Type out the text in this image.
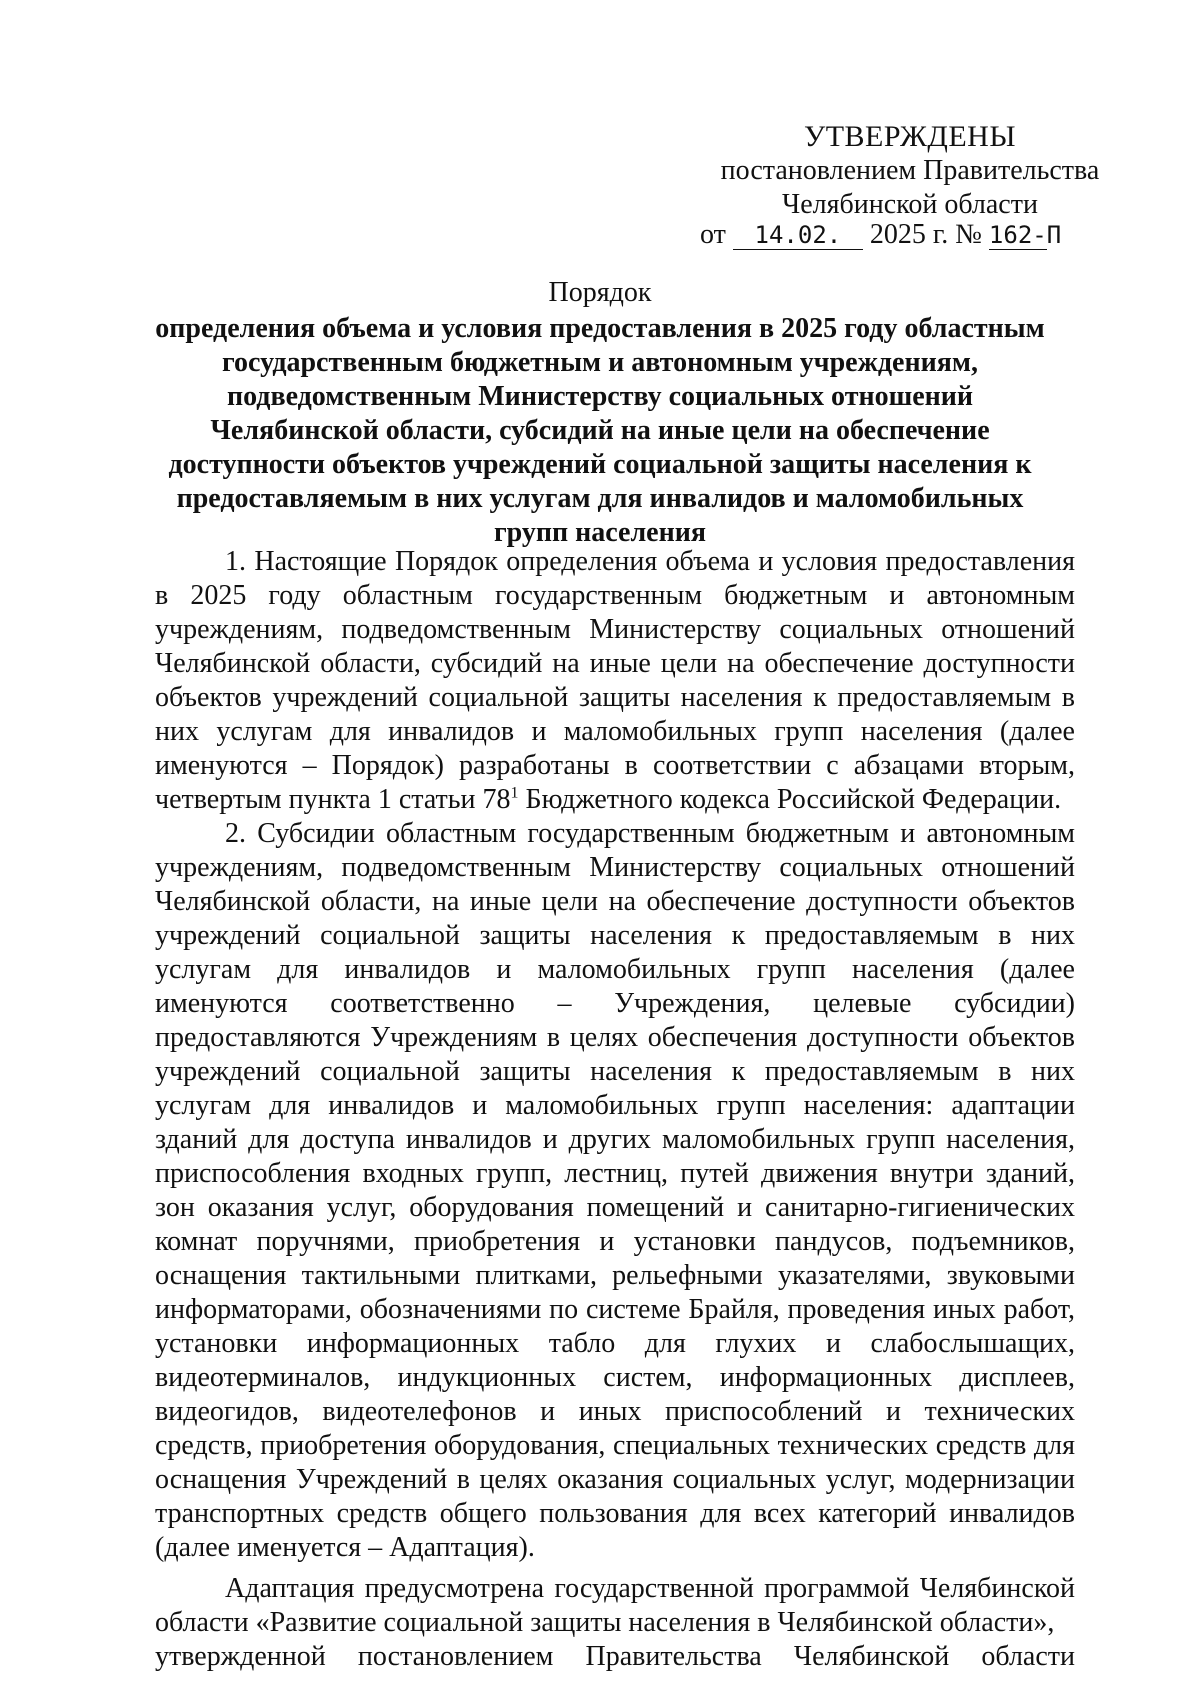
УТВЕРЖДЕНЫ
постановлением Правительства
Челябинской области
от 14.02. 2025 г. № 162-П
Порядок
определения объема и условия предоставления в 2025 году областным государственным бюджетным и автономным учреждениям, подведомственным Министерству социальных отношений Челябинской области, субсидий на иные цели на обеспечение доступности объектов учреждений социальной защиты населения к предоставляемым в них услугам для инвалидов и маломобильных групп населения

1. Настоящие Порядок определения объема и условия предоставления в 2025 году областным государственным бюджетным и автономным учреждениям, подведомственным Министерству социальных отношений Челябинской области, субсидий на иные цели на обеспечение доступности объектов учреждений социальной защиты населения к предоставляемым в них услугам для инвалидов и маломобильных групп населения (далее именуются – Порядок) разработаны в соответствии с абзацами вторым, четвертым пункта 1 статьи $78^1$ Бюджетного кодекса Российской Федерации.

2. Субсидии областным государственным бюджетным и автономным учреждениям, подведомственным Министерству социальных отношений Челябинской области, на иные цели на обеспечение доступности объектов учреждений социальной защиты населения к предоставляемым в них услугам для инвалидов и маломобильных групп населения (далее именуются соответственно – Учреждения, целевые субсидии) предоставляются Учреждениям в целях обеспечения доступности объектов учреждений социальной защиты населения к предоставляемым в них услугам для инвалидов и маломобильных групп населения: адаптации зданий для доступа инвалидов и других маломобильных групп населения, приспособления входных групп, лестниц, путей движения внутри зданий, зон оказания услуг, оборудования помещений и санитарно-гигиенических комнат поручнями, приобретения и установки пандусов, подъемников, оснащения тактильными плитками, рельефными указателями, звуковыми информаторами, обозначениями по системе Брайля, проведения иных работ, установки информационных табло для глухих и слабослышащих, видеотерминалов, индукционных систем, информационных дисплеев, видеогидов, видеотелефонов и иных приспособлений и технических средств, приобретения оборудования, специальных технических средств для оснащения Учреждений в целях оказания социальных услуг, модернизации транспортных средств общего пользования для всех категорий инвалидов (далее именуется – Адаптация).

Адаптация предусмотрена государственной программой Челябинской области «Развитие социальной защиты населения в Челябинской области»,
утвержденной постановлением Правительства Челябинской области
